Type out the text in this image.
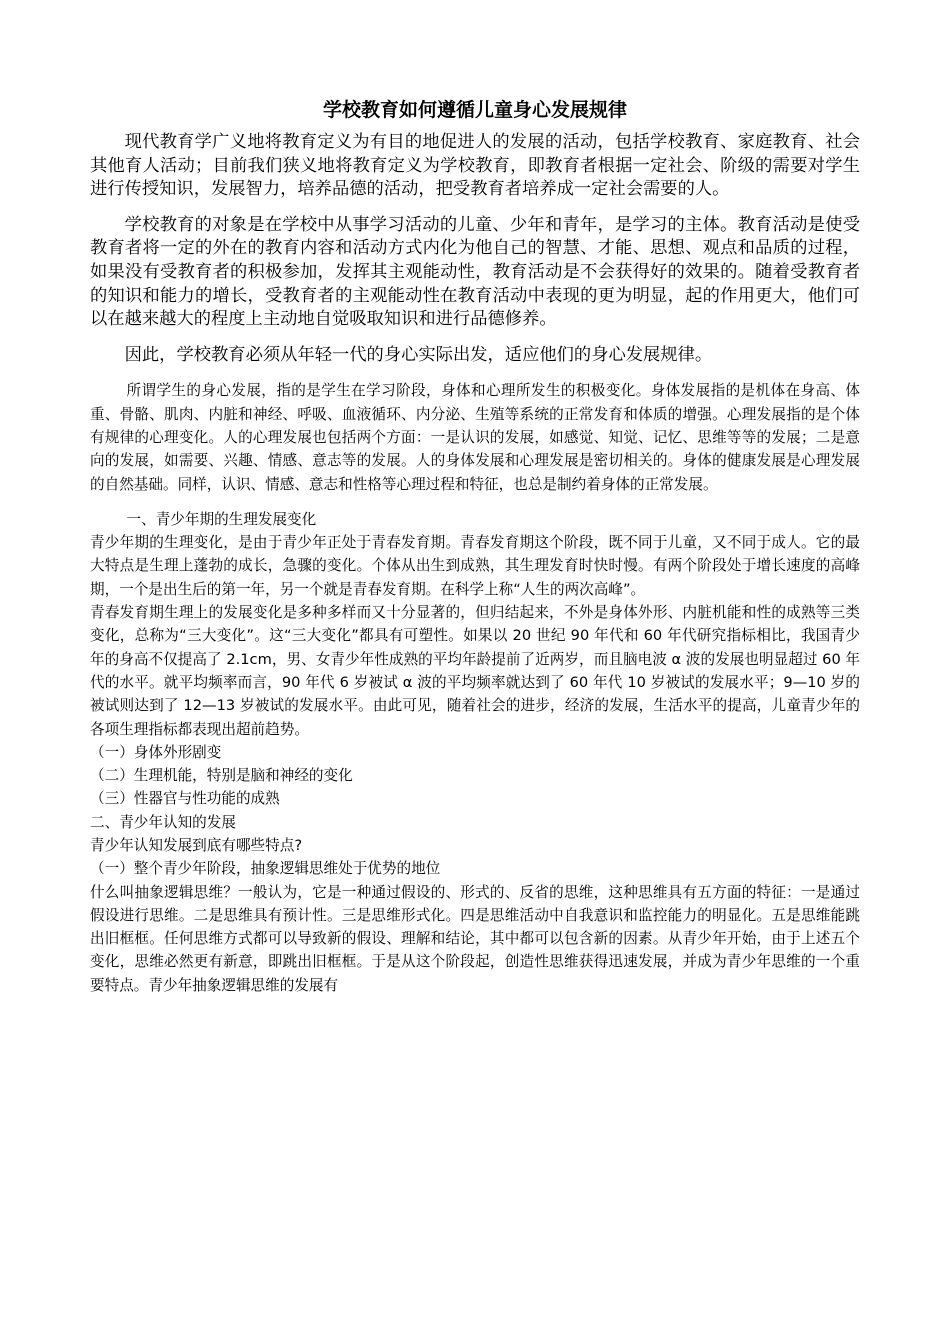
学校教育如何遵循儿童身心发展规律

现代教育学广义地将教育定义为有目的地促进人的发展的活动，包括学校教育、家庭教育、社会其他育人活动；目前我们狭义地将教育定义为学校教育，即教育者根据一定社会、阶级的需要对学生进行传授知识，发展智力，培养品德的活动，把受教育者培养成一定社会需要的人。

学校教育的对象是在学校中从事学习活动的儿童、少年和青年，是学习的主体。教育活动是使受教育者将一定的外在的教育内容和活动方式内化为他自己的智慧、才能、思想、观点和品质的过程，如果没有受教育者的积极参加，发挥其主观能动性，教育活动是不会获得好的效果的。随着受教育者的知识和能力的增长，受教育者的主观能动性在教育活动中表现的更为明显，起的作用更大，他们可以在越来越大的程度上主动地自觉吸取知识和进行品德修养。

因此，学校教育必须从年轻一代的身心实际出发，适应他们的身心发展规律。

所谓学生的身心发展，指的是学生在学习阶段，身体和心理所发生的积极变化。身体发展指的是机体在身高、体重、骨骼、肌肉、内脏和神经、呼吸、血液循环、内分泌、生殖等系统的正常发育和体质的增强。心理发展指的是个体有规律的心理变化。人的心理发展也包括两个方面：一是认识的发展，如感觉、知觉、记忆、思维等等的发展；二是意向的发展，如需要、兴趣、情感、意志等的发展。人的身体发展和心理发展是密切相关的。身体的健康发展是心理发展的自然基础。同样，认识、情感、意志和性格等心理过程和特征，也总是制约着身体的正常发展。

一、青少年期的生理发展变化

青少年期的生理变化，是由于青少年正处于青春发育期。青春发育期这个阶段，既不同于儿童，又不同于成人。它的最大特点是生理上蓬勃的成长，急骤的变化。个体从出生到成熟，其生理发育时快时慢。有两个阶段处于增长速度的高峰期，一个是出生后的第一年，另一个就是青春发育期。在科学上称“人生的两次高峰”。

青春发育期生理上的发展变化是多种多样而又十分显著的，但归结起来，不外是身体外形、内脏机能和性的成熟等三类变化，总称为“三大变化”。这“三大变化”都具有可塑性。如果以 20 世纪 90 年代和 60 年代研究指标相比，我国青少年的身高不仅提高了 2.1cm，男、女青少年性成熟的平均年龄提前了近两岁，而且脑电波 α 波的发展也明显超过 60 年代的水平。就平均频率而言，90 年代 6 岁被试 α 波的平均频率就达到了 60 年代 10 岁被试的发展水平；9—10 岁的被试则达到了 12—13 岁被试的发展水平。由此可见，随着社会的进步，经济的发展，生活水平的提高，儿童青少年的各项生理指标都表现出超前趋势。

（一）身体外形剧变

（二）生理机能，特别是脑和神经的变化

（三）性器官与性功能的成熟

二、青少年认知的发展

青少年认知发展到底有哪些特点?

（一）整个青少年阶段，抽象逻辑思维处于优势的地位

什么叫抽象逻辑思维？一般认为，它是一种通过假设的、形式的、反省的思维，这种思维具有五方面的特征：一是通过假设进行思维。二是思维具有预计性。三是思维形式化。四是思维活动中自我意识和监控能力的明显化。五是思维能跳出旧框框。任何思维方式都可以导致新的假设、理解和结论，其中都可以包含新的因素。从青少年开始，由于上述五个变化，思维必然更有新意，即跳出旧框框。于是从这个阶段起，创造性思维获得迅速发展，并成为青少年思维的一个重要特点。青少年抽象逻辑思维的发展有
